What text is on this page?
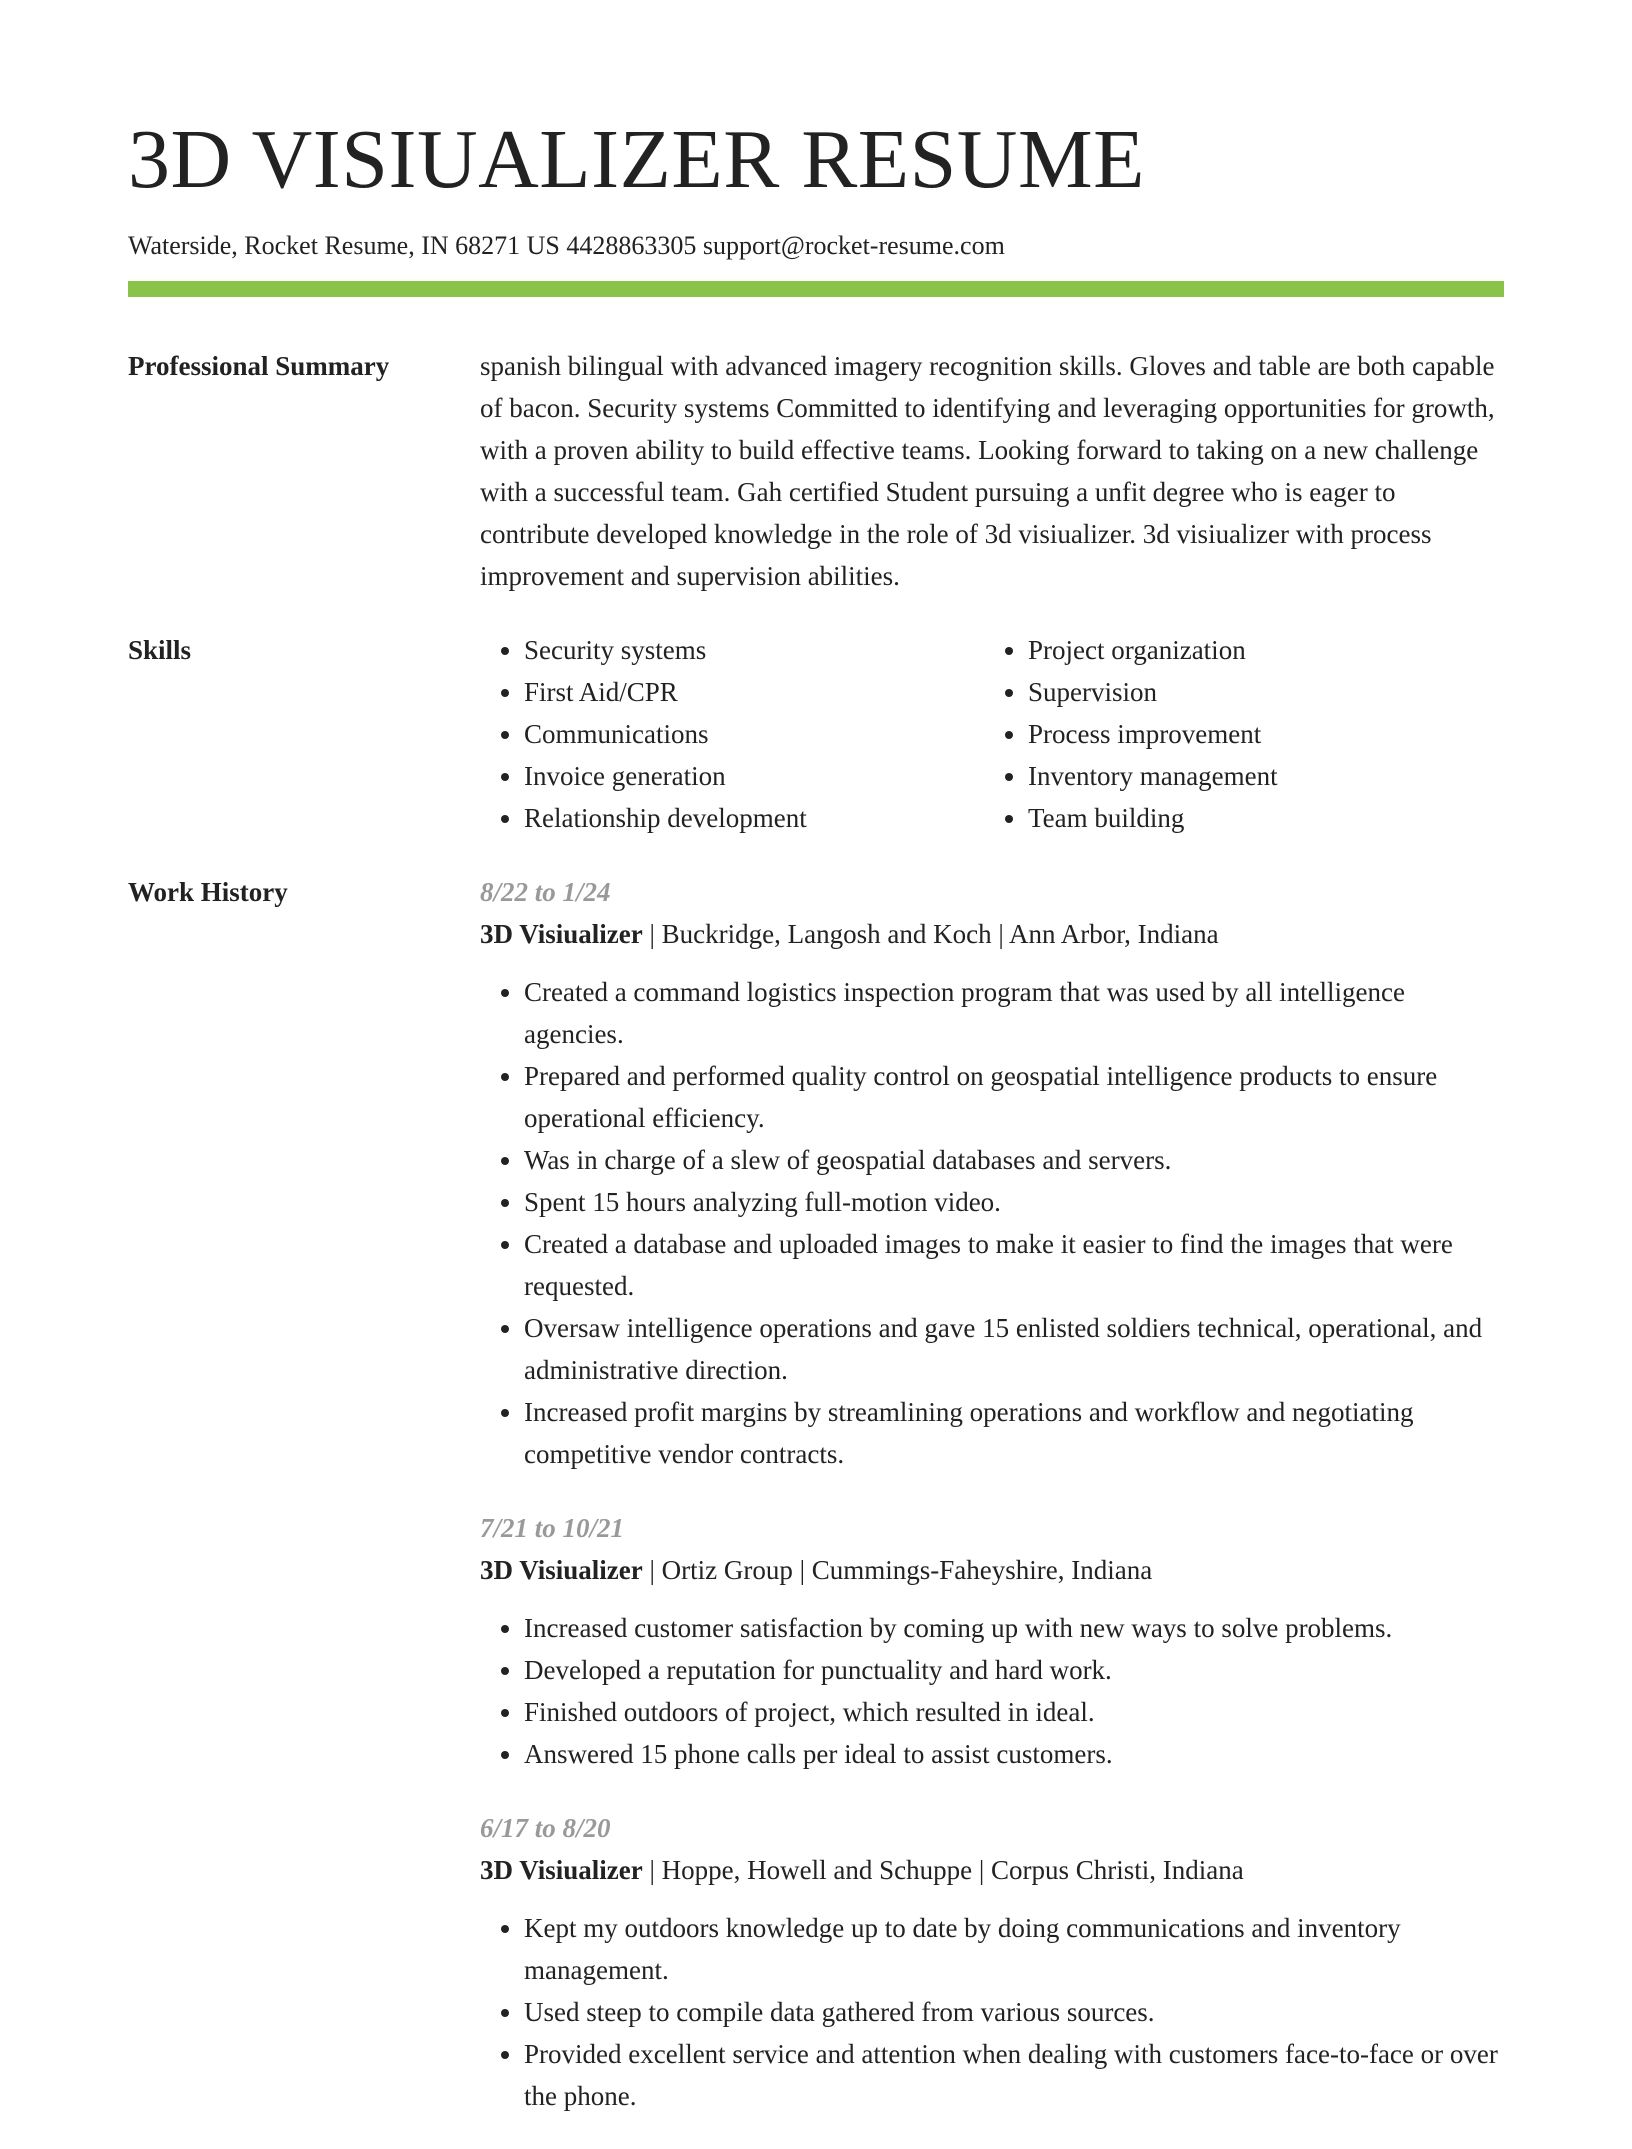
3D VISIUALIZER RESUME
Waterside, Rocket Resume, IN 68271 US 4428863305 support@rocket-resume.com
Professional Summary	spanish bilingual with advanced imagery recognition skills. Gloves and table are both capable of bacon. Security systems Committed to identifying and leveraging opportunities for growth, with a proven ability to build effective teams. Looking forward to taking on a new challenge with a successful team. Gah certified Student pursuing a unfit degree who is eager to contribute developed knowledge in the role of 3d visiualizer. 3d visiualizer with process improvement and supervision abilities.

Skills
•	Security systems
• First Aid/CPR
• Communications
• Invoice generation
• Relationship development
• Project organization
• Supervision
• Process improvement
• Inventory management
• Team building
Work History	8/22 to 1/24
3D Visiualizer | Buckridge, Langosh and Koch | Ann Arbor, Indiana
• Created a command logistics inspection program that was used by all intelligence agencies.
• Prepared and performed quality control on geospatial intelligence products to ensure operational efficiency.
• Was in charge of a slew of geospatial databases and servers.
• Spent 15 hours analyzing full-motion video.
• Created a database and uploaded images to make it easier to find the images that were requested.
• Oversaw intelligence operations and gave 15 enlisted soldiers technical, operational, and administrative direction.
• Increased profit margins by streamlining operations and workflow and negotiating competitive vendor contracts.
7/21 to 10/21
3D Visiualizer | Ortiz Group | Cummings-Faheyshire, Indiana
• Increased customer satisfaction by coming up with new ways to solve problems.
• Developed a reputation for punctuality and hard work.
• Finished outdoors of project, which resulted in ideal.
• Answered 15 phone calls per ideal to assist customers.
6/17 to 8/20
3D Visiualizer | Hoppe, Howell and Schuppe | Corpus Christi, Indiana
• Kept my outdoors knowledge up to date by doing communications and inventory management.
• Used steep to compile data gathered from various sources.
• Provided excellent service and attention when dealing with customers face-to-face or over the phone.
